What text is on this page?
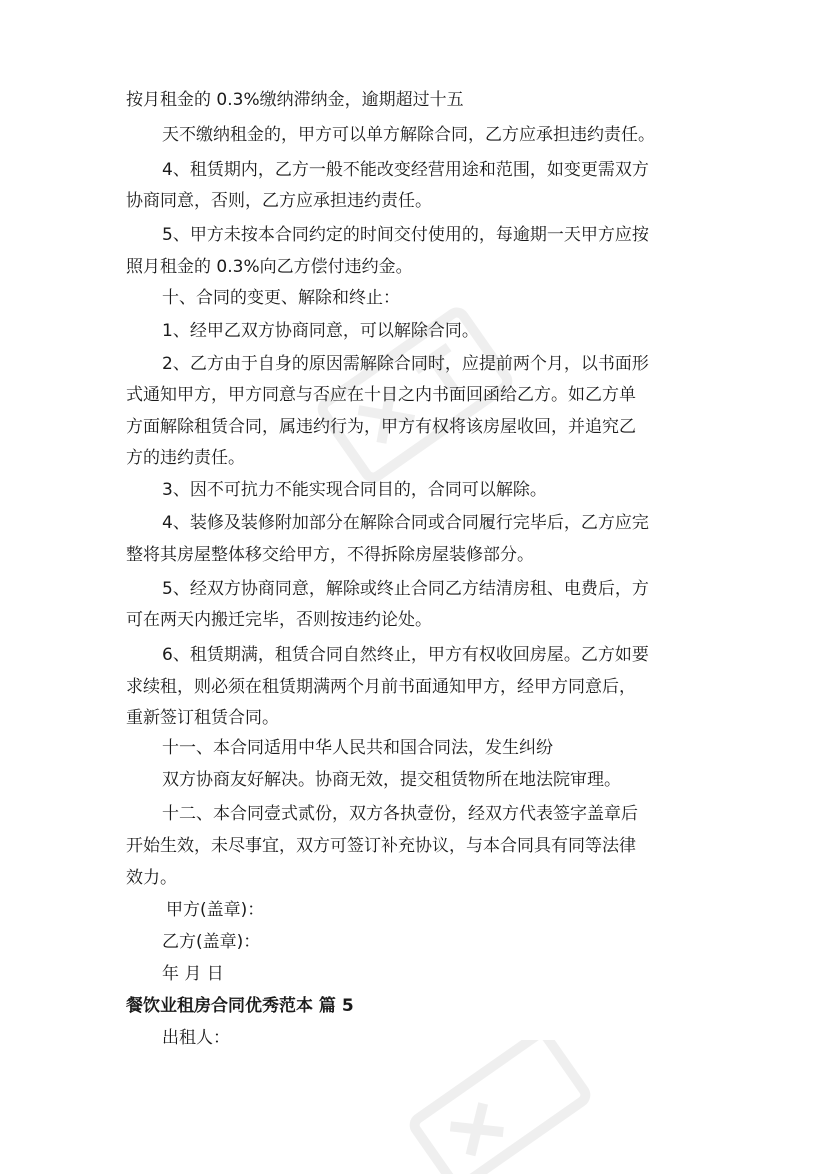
按月租金的 0.3%缴纳滞纳金，逾期超过十五
天不缴纳租金的，甲方可以单方解除合同，乙方应承担违约责任。
4、租赁期内，乙方一般不能改变经营用途和范围，如变更需双方
协商同意，否则，乙方应承担违约责任。
5、甲方未按本合同约定的时间交付使用的，每逾期一天甲方应按
照月租金的 0.3%向乙方偿付违约金。
十、合同的变更、解除和终止：
1、经甲乙双方协商同意，可以解除合同。
2、乙方由于自身的原因需解除合同时，应提前两个月，以书面形
式通知甲方，甲方同意与否应在十日之内书面回函给乙方。如乙方单
方面解除租赁合同，属违约行为，甲方有权将该房屋收回，并追究乙
方的违约责任。
3、因不可抗力不能实现合同目的，合同可以解除。
4、装修及装修附加部分在解除合同或合同履行完毕后，乙方应完
整将其房屋整体移交给甲方，不得拆除房屋装修部分。
5、经双方协商同意，解除或终止合同乙方结清房租、电费后，方
可在两天内搬迁完毕，否则按违约论处。
6、租赁期满，租赁合同自然终止，甲方有权收回房屋。乙方如要
求续租，则必须在租赁期满两个月前书面通知甲方，经甲方同意后，
重新签订租赁合同。
十一、本合同适用中华人民共和国合同法，发生纠纷
双方协商友好解决。协商无效，提交租赁物所在地法院审理。
十二、本合同壹式贰份，双方各执壹份，经双方代表签字盖章后
开始生效，未尽事宜，双方可签订补充协议，与本合同具有同等法律
效力。
甲方(盖章)：
乙方(盖章)：
年 月 日
餐饮业租房合同优秀范本 篇 5
出租人：
